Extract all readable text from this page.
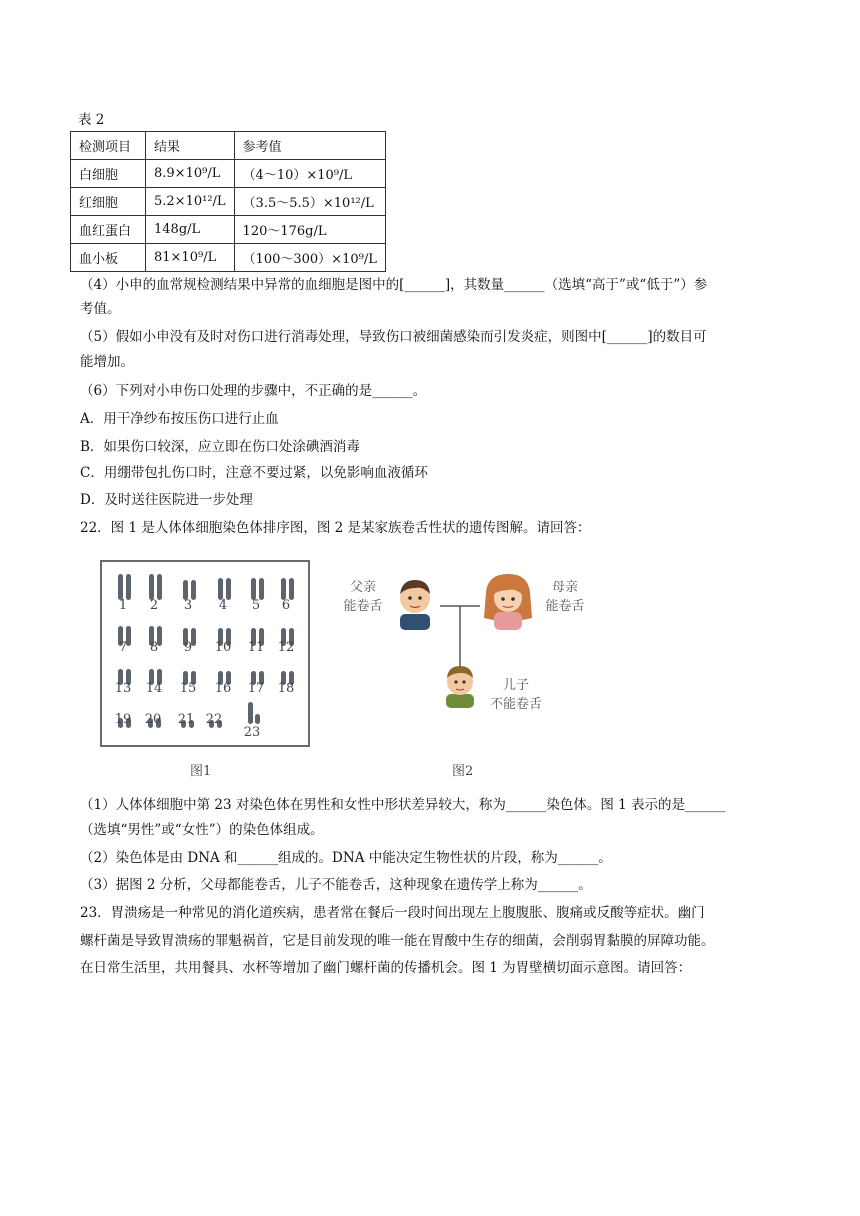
表 2
检测项目	结果	参考值
白细胞	8.9×10⁹/L	（4～10）×10⁹/L
红细胞	5.2×10¹²/L	（3.5～5.5）×10¹²/L
血红蛋白	148g/L	120～176g/L
血小板	81×10⁹/L	（100～300）×10⁹/L
（4）小申的血常规检测结果中异常的血细胞是图中的[______]，其数量______（选填“高于”或“低于”）参
考值。
（5）假如小申没有及时对伤口进行消毒处理，导致伤口被细菌感染而引发炎症，则图中[______]的数目可
能增加。
（6）下列对小申伤口处理的步骤中，不正确的是______。
A．用干净纱布按压伤口进行止血
B．如果伤口较深，应立即在伤口处涂碘酒消毒
C．用绷带包扎伤口时，注意不要过紧，以免影响血液循环
D．及时送往医院进一步处理
22．图 1 是人体体细胞染色体排序图，图 2 是某家族卷舌性状的遗传图解。请回答：
1	2	3	4	5	6
7	8	9	10	11	12
13	14	15	16	17	18
19	20	21 22
23
图1
父亲
能卷舌
母亲
能卷舌
儿子
不能卷舌
图2
（1）人体体细胞中第 23 对染色体在男性和女性中形状差异较大，称为______染色体。图 1 表示的是______
（选填“男性”或“女性”）的染色体组成。
（2）染色体是由 DNA 和______组成的。DNA 中能决定生物性状的片段，称为______。
（3）据图 2 分析，父母都能卷舌，儿子不能卷舌，这种现象在遗传学上称为______。
23．胃溃疡是一种常见的消化道疾病，患者常在餐后一段时间出现左上腹腹胀、腹痛或反酸等症状。幽门
螺杆菌是导致胃溃疡的罪魁祸首，它是目前发现的唯一能在胃酸中生存的细菌，会削弱胃黏膜的屏障功能。
在日常生活里，共用餐具、水杯等增加了幽门螺杆菌的传播机会。图 1 为胃壁横切面示意图。请回答：
